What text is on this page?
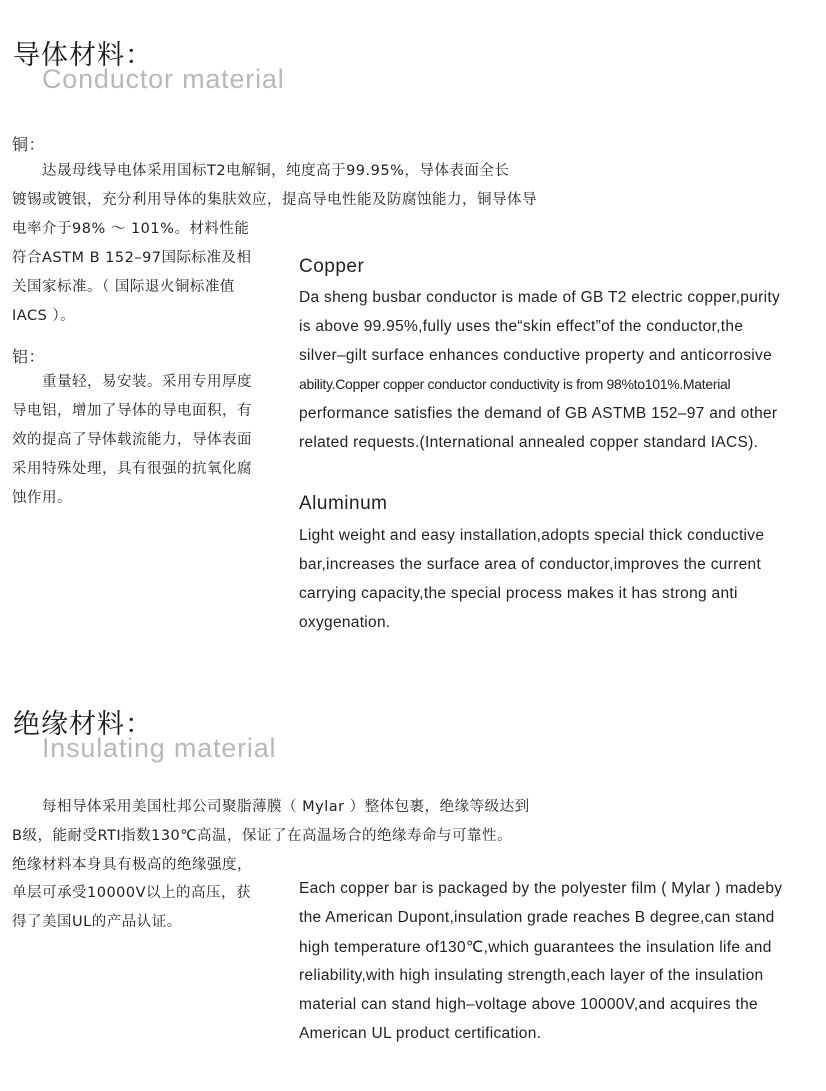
导体材料：
Conductor material
铜：
达晟母线导电体采用国标T2电解铜，纯度高于99.95%，导体表面全长
镀锡或镀银，充分利用导体的集肤效应，提高导电性能及防腐蚀能力，铜导体导
电率介于98% ～ 101%。材料性能
符合ASTM B 152–97国际标准及相
关国家标准。（ 国际退火铜标准值
IACS ）。
铝：
重量轻，易安装。采用专用厚度
导电铝，增加了导体的导电面积，有
效的提高了导体载流能力，导体表面
采用特殊处理，具有很强的抗氧化腐
蚀作用。
Copper
Da sheng busbar conductor is made of GB T2 electric copper,purity
is above 99.95%,fully uses the“skin effect”of the conductor,the
silver–gilt surface enhances conductive property and anticorrosive
ability.Copper copper conductor conductivity is from 98%to101%.Material
performance satisfies the demand of GB ASTMB 152–97 and other
related requests.(International annealed copper standard IACS).
Aluminum
Light weight and easy installation,adopts special thick conductive
bar,increases the surface area of conductor,improves the current
carrying capacity,the special process makes it has strong anti
oxygenation.
绝缘材料：
Insulating material
每相导体采用美国杜邦公司聚脂薄膜（ Mylar ）整体包裹，绝缘等级达到
B级，能耐受RTI指数130℃高温，保证了在高温场合的绝缘寿命与可靠性。
绝缘材料本身具有极高的绝缘强度，
单层可承受10000V以上的高压，获
得了美国UL的产品认证。
Each copper bar is packaged by the polyester film ( Mylar ) madeby
the American Dupont,insulation grade reaches B degree,can stand
high temperature of130℃,which guarantees the insulation life and
reliability,with high insulating strength,each layer of the insulation
material can stand high–voltage above 10000V,and acquires the
American UL product certification.
